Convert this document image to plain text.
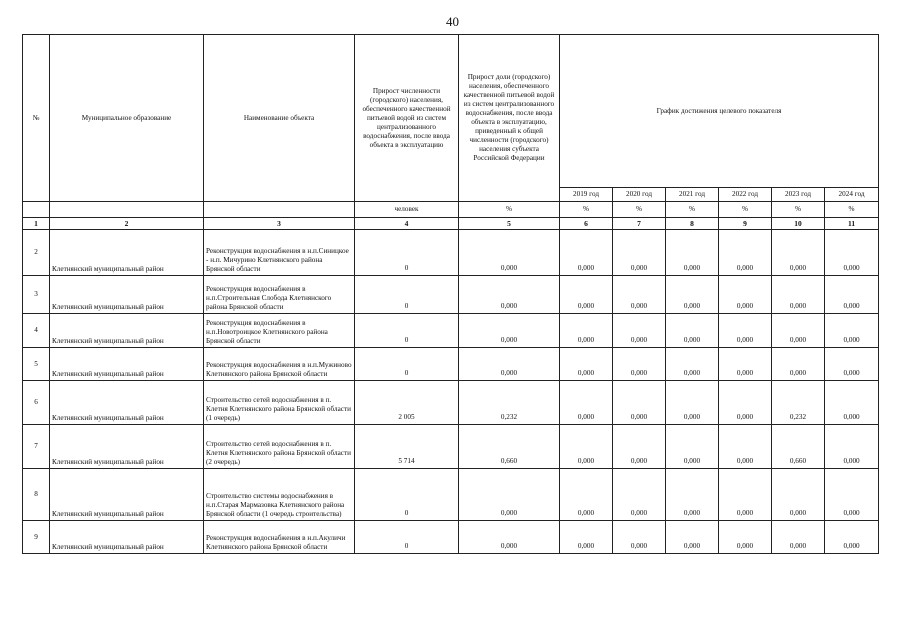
40
№	Муниципальное образование	Наименование объекта	Прирост численности (городского) населения, обеспеченного качественной питьевой водой из систем централизованного водоснабжения, после ввода объекта в эксплуатацию	Прирост доли (городского) населения, обеспеченного качественной питьевой водой из систем централизованного водоснабжения, после ввода объекта в эксплуатацию, приведенный к общей численности (городского) населения субъекта Российской Федерации	График достижения целевого показателя					
					2019 год	2020 год	2021 год	2022 год	2023 год	2024 год
			человек	%	%	%	%	%	%	%
1	2	3	4	5	6	7	8	9	10	11
2	Клетнянский муниципальный район	Реконструкция водоснабжения в н.п.Синицкое - н.п. Мичурино Клетнянского района Брянской области	0	0,000	0,000	0,000	0,000	0,000	0,000	0,000
3	Клетнянский муниципальный район	Реконструкция водоснабжения в н.п.Строительная Слобода Клетнянского района Брянской области	0	0,000	0,000	0,000	0,000	0,000	0,000	0,000
4	Клетнянский муниципальный район	Реконструкция водоснабжения в н.п.Новотроицкое Клетнянского района Брянской области	0	0,000	0,000	0,000	0,000	0,000	0,000	0,000
5	Клетнянский муниципальный район	Реконструкция водоснабжения в н.п.Мужиново Клетнянского района Брянской области	0	0,000	0,000	0,000	0,000	0,000	0,000	0,000
6	Клетнянский муниципальный район	Строительство сетей водоснабжения в п. Клетня Клетнянского района Брянской области (1 очередь)	2 005	0,232	0,000	0,000	0,000	0,000	0,232	0,000
7	Клетнянский муниципальный район	Строительство сетей водоснабжения в п. Клетня Клетнянского района Брянской области (2 очередь)	5 714	0,660	0,000	0,000	0,000	0,000	0,660	0,000
8	Клетнянский муниципальный район	Строительство системы водоснабжения в н.п.Старая Мармазовка Клетнянского района Брянской области (1 очередь строительства)	0	0,000	0,000	0,000	0,000	0,000	0,000	0,000
9	Клетнянский муниципальный район	Реконструкция водоснабжения в н.п.Акуличи Клетнянского района Брянской области	0	0,000	0,000	0,000	0,000	0,000	0,000	0,000
